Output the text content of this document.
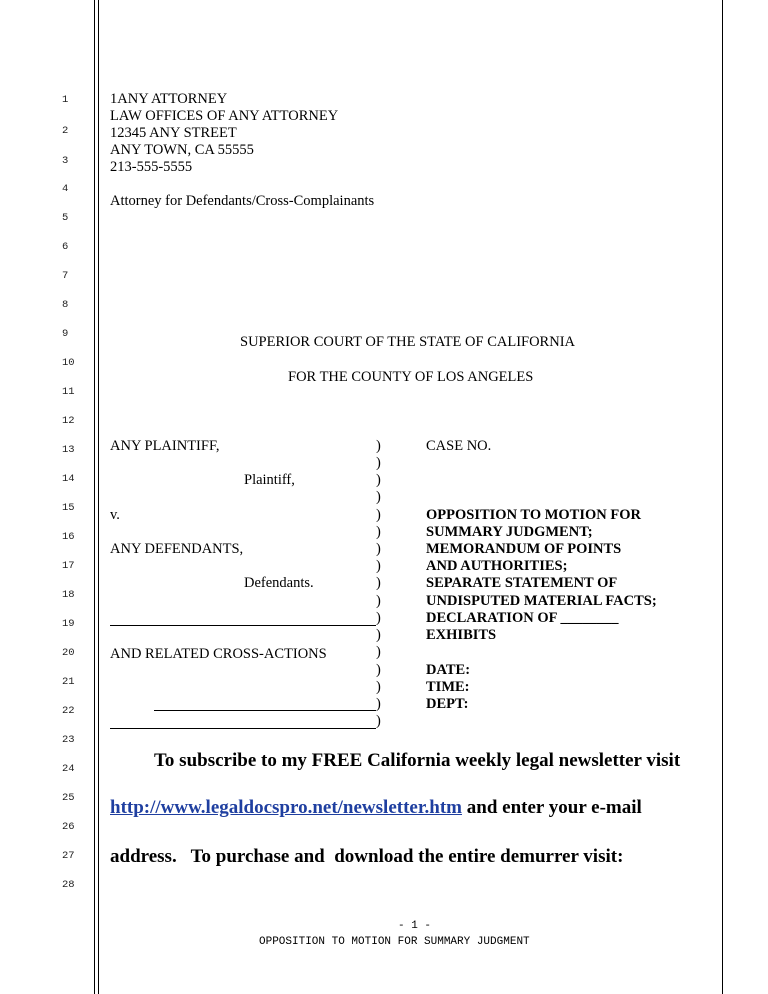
1
2
3
4
5
6
7
8
9
10
11
12
13
14
15
16
17
18
19
20
21
22
23
24
25
26
27
28
1ANY ATTORNEY
LAW OFFICES OF ANY ATTORNEY
12345 ANY STREET
ANY TOWN, CA 55555
213-555-5555
Attorney for Defendants/Cross-Complainants
SUPERIOR COURT OF THE STATE OF CALIFORNIA
FOR THE COUNTY OF LOS ANGELES
ANY PLAINTIFF,
Plaintiff,
v.
ANY DEFENDANTS,
Defendants.
AND RELATED CROSS-ACTIONS
)
)
)
)
)
)
)
)
)
)
)
)
)
)
)
)
)
CASE NO.
OPPOSITION TO MOTION FOR
SUMMARY JUDGMENT;
MEMORANDUM OF POINTS
AND AUTHORITIES;
SEPARATE STATEMENT OF
UNDISPUTED MATERIAL FACTS;
DECLARATION OF ________
EXHIBITS
DATE:
TIME:
DEPT:
To subscribe to my FREE California weekly legal newsletter visit
http://www.legaldocspro.net/newsletter.htm and enter your e-mail
address.   To purchase and  download the entire demurrer visit:
- 1 -
OPPOSITION TO MOTION FOR SUMMARY JUDGMENT
